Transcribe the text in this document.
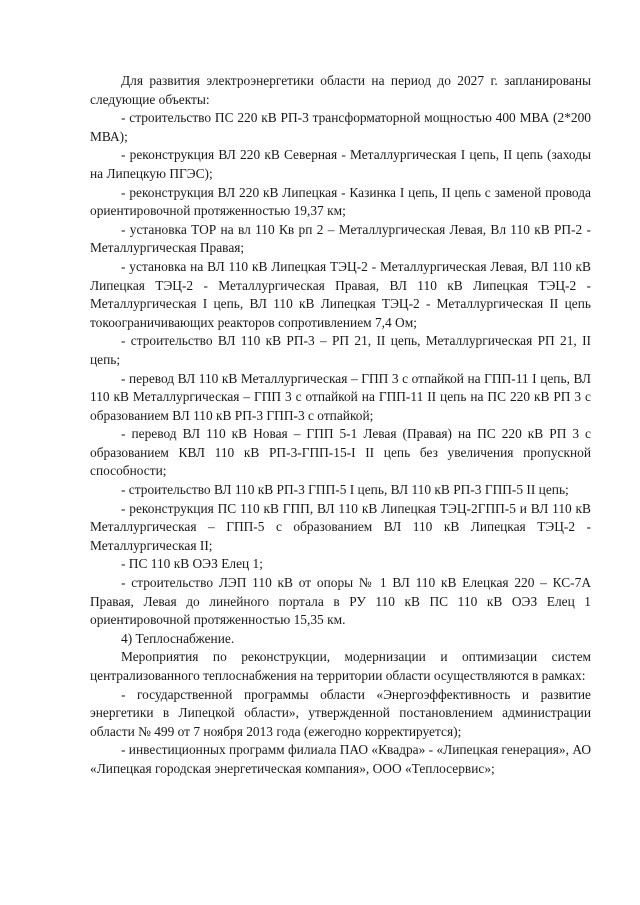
Для развития электроэнергетики области на период до 2027 г. запланированы следующие объекты:

- строительство ПС 220 кВ РП-3 трансформаторной мощностью 400 МВА (2*200 МВА);

- реконструкция ВЛ 220 кВ Северная - Металлургическая I цепь, II цепь (заходы на Липецкую ПГЭС);

- реконструкция ВЛ 220 кВ Липецкая - Казинка I цепь, II цепь с заменой провода ориентировочной протяженностью 19,37 км;

- установка ТОР на вл 110 Кв рп 2 – Металлургическая Левая, Вл 110 кВ РП-2 - Металлургическая Правая;

- установка на ВЛ 110 кВ Липецкая ТЭЦ-2 - Металлургическая Левая, ВЛ 110 кВ Липецкая ТЭЦ-2 - Металлургическая Правая, ВЛ 110 кВ Липецкая ТЭЦ-2 - Металлургическая I цепь, ВЛ 110 кВ Липецкая ТЭЦ-2 - Металлургическая II цепь токоограничивающих реакторов сопротивлением 7,4 Ом;

- строительство ВЛ 110 кВ РП-3 – РП 21, II цепь, Металлургическая РП 21, II цепь;

- перевод ВЛ 110 кВ Металлургическая – ГПП 3 с отпайкой на ГПП-11 I цепь, ВЛ 110 кВ Металлургическая – ГПП 3 с отпайкой на ГПП-11 II цепь на ПС 220 кВ РП 3 с образованием ВЛ 110 кВ РП-3 ГПП-3 с отпайкой;

- перевод ВЛ 110 кВ Новая – ГПП 5-1 Левая (Правая) на ПС 220 кВ РП 3 с образованием КВЛ 110 кВ РП-3-ГПП-15-I II цепь без увеличения пропускной способности;

- строительство ВЛ 110 кВ РП-3 ГПП-5 I цепь, ВЛ 110 кВ РП-3 ГПП-5 II цепь;

- реконструкция ПС 110 кВ ГПП, ВЛ 110 кВ Липецкая ТЭЦ-2ГПП-5 и ВЛ 110 кВ Металлургическая – ГПП-5 с образованием ВЛ 110 кВ Липецкая ТЭЦ-2 - Металлургическая II;

- ПС 110 кВ ОЭЗ Елец 1;

- строительство ЛЭП 110 кВ от опоры № 1 ВЛ 110 кВ Елецкая 220 – КС-7А Правая, Левая до линейного портала в РУ 110 кВ ПС 110 кВ ОЭЗ Елец 1 ориентировочной протяженностью 15,35 км.

4) Теплоснабжение.

Мероприятия по реконструкции, модернизации и оптимизации систем централизованного теплоснабжения на территории области осуществляются в рамках:

- государственной программы области «Энергоэффективность и развитие энергетики в Липецкой области», утвержденной постановлением администрации области № 499 от 7 ноября 2013 года (ежегодно корректируется);

- инвестиционных программ филиала ПАО «Квадра» - «Липецкая генерация», АО «Липецкая городская энергетическая компания», ООО «Теплосервис»;
